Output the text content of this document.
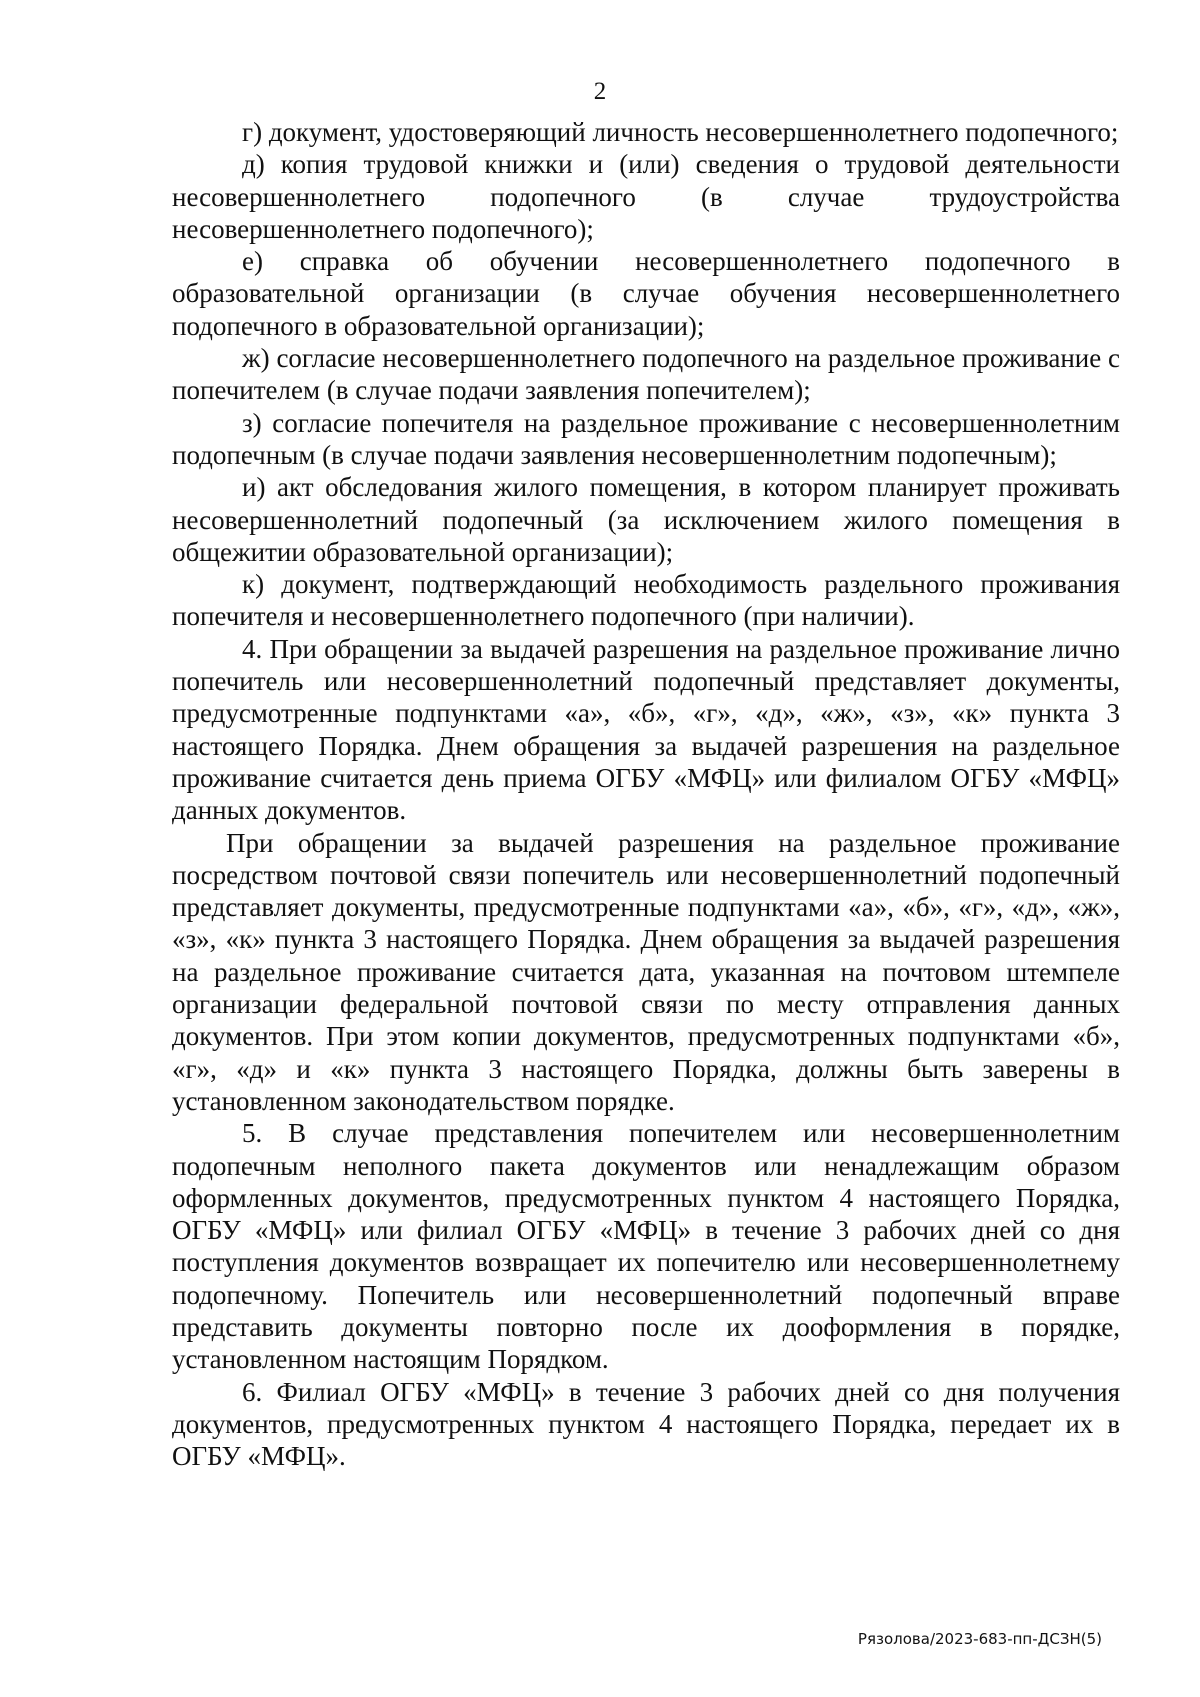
2

г) документ, удостоверяющий личность несовершеннолетнего подопечного;

д) копия трудовой книжки и (или) сведения о трудовой деятельности несовершеннолетнего подопечного (в случае трудоустройства несовершеннолетнего подопечного);

е) справка об обучении несовершеннолетнего подопечного в образовательной организации (в случае обучения несовершеннолетнего подопечного в образовательной организации);

ж) согласие несовершеннолетнего подопечного на раздельное проживание с попечителем (в случае подачи заявления попечителем);

з) согласие попечителя на раздельное проживание с несовершеннолетним подопечным (в случае подачи заявления несовершеннолетним подопечным);

и) акт обследования жилого помещения, в котором планирует проживать несовершеннолетний подопечный (за исключением жилого помещения в общежитии образовательной организации);

к) документ, подтверждающий необходимость раздельного проживания попечителя и несовершеннолетнего подопечного (при наличии).

4. При обращении за выдачей разрешения на раздельное проживание лично попечитель или несовершеннолетний подопечный представляет документы, предусмотренные подпунктами «а», «б», «г», «д», «ж», «з», «к» пункта 3 настоящего Порядка. Днем обращения за выдачей разрешения на раздельное проживание считается день приема ОГБУ «МФЦ» или филиалом ОГБУ «МФЦ» данных документов.

При обращении за выдачей разрешения на раздельное проживание посредством почтовой связи попечитель или несовершеннолетний подопечный представляет документы, предусмотренные подпунктами «а», «б», «г», «д», «ж», «з», «к» пункта 3 настоящего Порядка. Днем обращения за выдачей разрешения на раздельное проживание считается дата, указанная на почтовом штемпеле организации федеральной почтовой связи по месту отправления данных документов. При этом копии документов, предусмотренных подпунктами «б», «г», «д» и «к» пункта 3 настоящего Порядка, должны быть заверены в установленном законодательством порядке.

5. В случае представления попечителем или несовершеннолетним подопечным неполного пакета документов или ненадлежащим образом оформленных документов, предусмотренных пунктом 4 настоящего Порядка, ОГБУ «МФЦ» или филиал ОГБУ «МФЦ» в течение 3 рабочих дней со дня поступления документов возвращает их попечителю или несовершеннолетнему подопечному. Попечитель или несовершеннолетний подопечный вправе представить документы повторно после их дооформления в порядке, установленном настоящим Порядком.

6. Филиал ОГБУ «МФЦ» в течение 3 рабочих дней со дня получения документов, предусмотренных пунктом 4 настоящего Порядка, передает их в ОГБУ «МФЦ».

Рязолова/2023-683-пп-ДСЗН(5)
